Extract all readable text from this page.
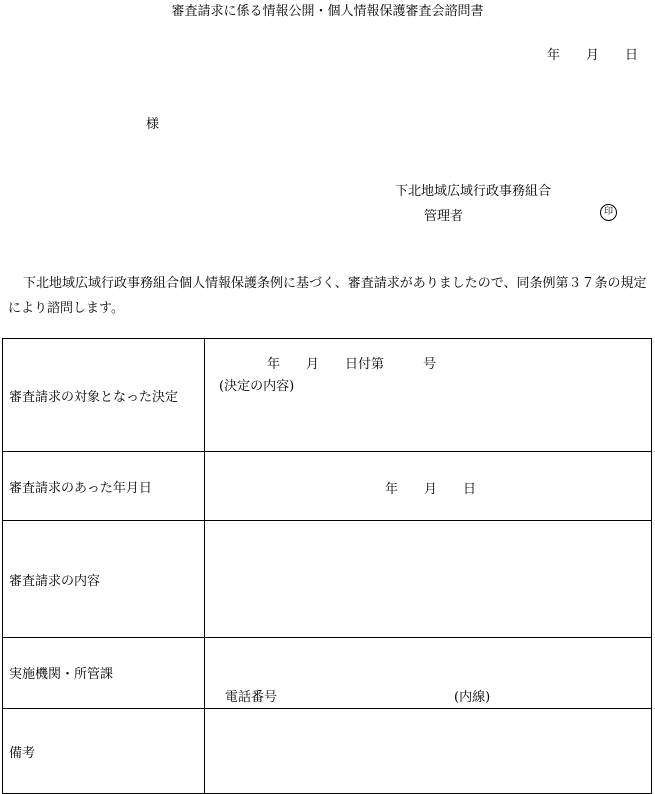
審査請求に係る情報公開・個人情報保護審査会諮問書
年　　月　　日
様
下北地域広域行政事務組合
管理者	印
下北地域広域行政事務組合個人情報保護条例に基づく、審査請求がありましたので、同条例第３７条の規定により諮問します。
審査請求の対象となった決定	年　　月　　日付第　　　号
(決定の内容)

審査請求のあった年月日	年　　月　　日

審査請求の内容	
実施機関・所管課	電話番号 (内線)

備考	
